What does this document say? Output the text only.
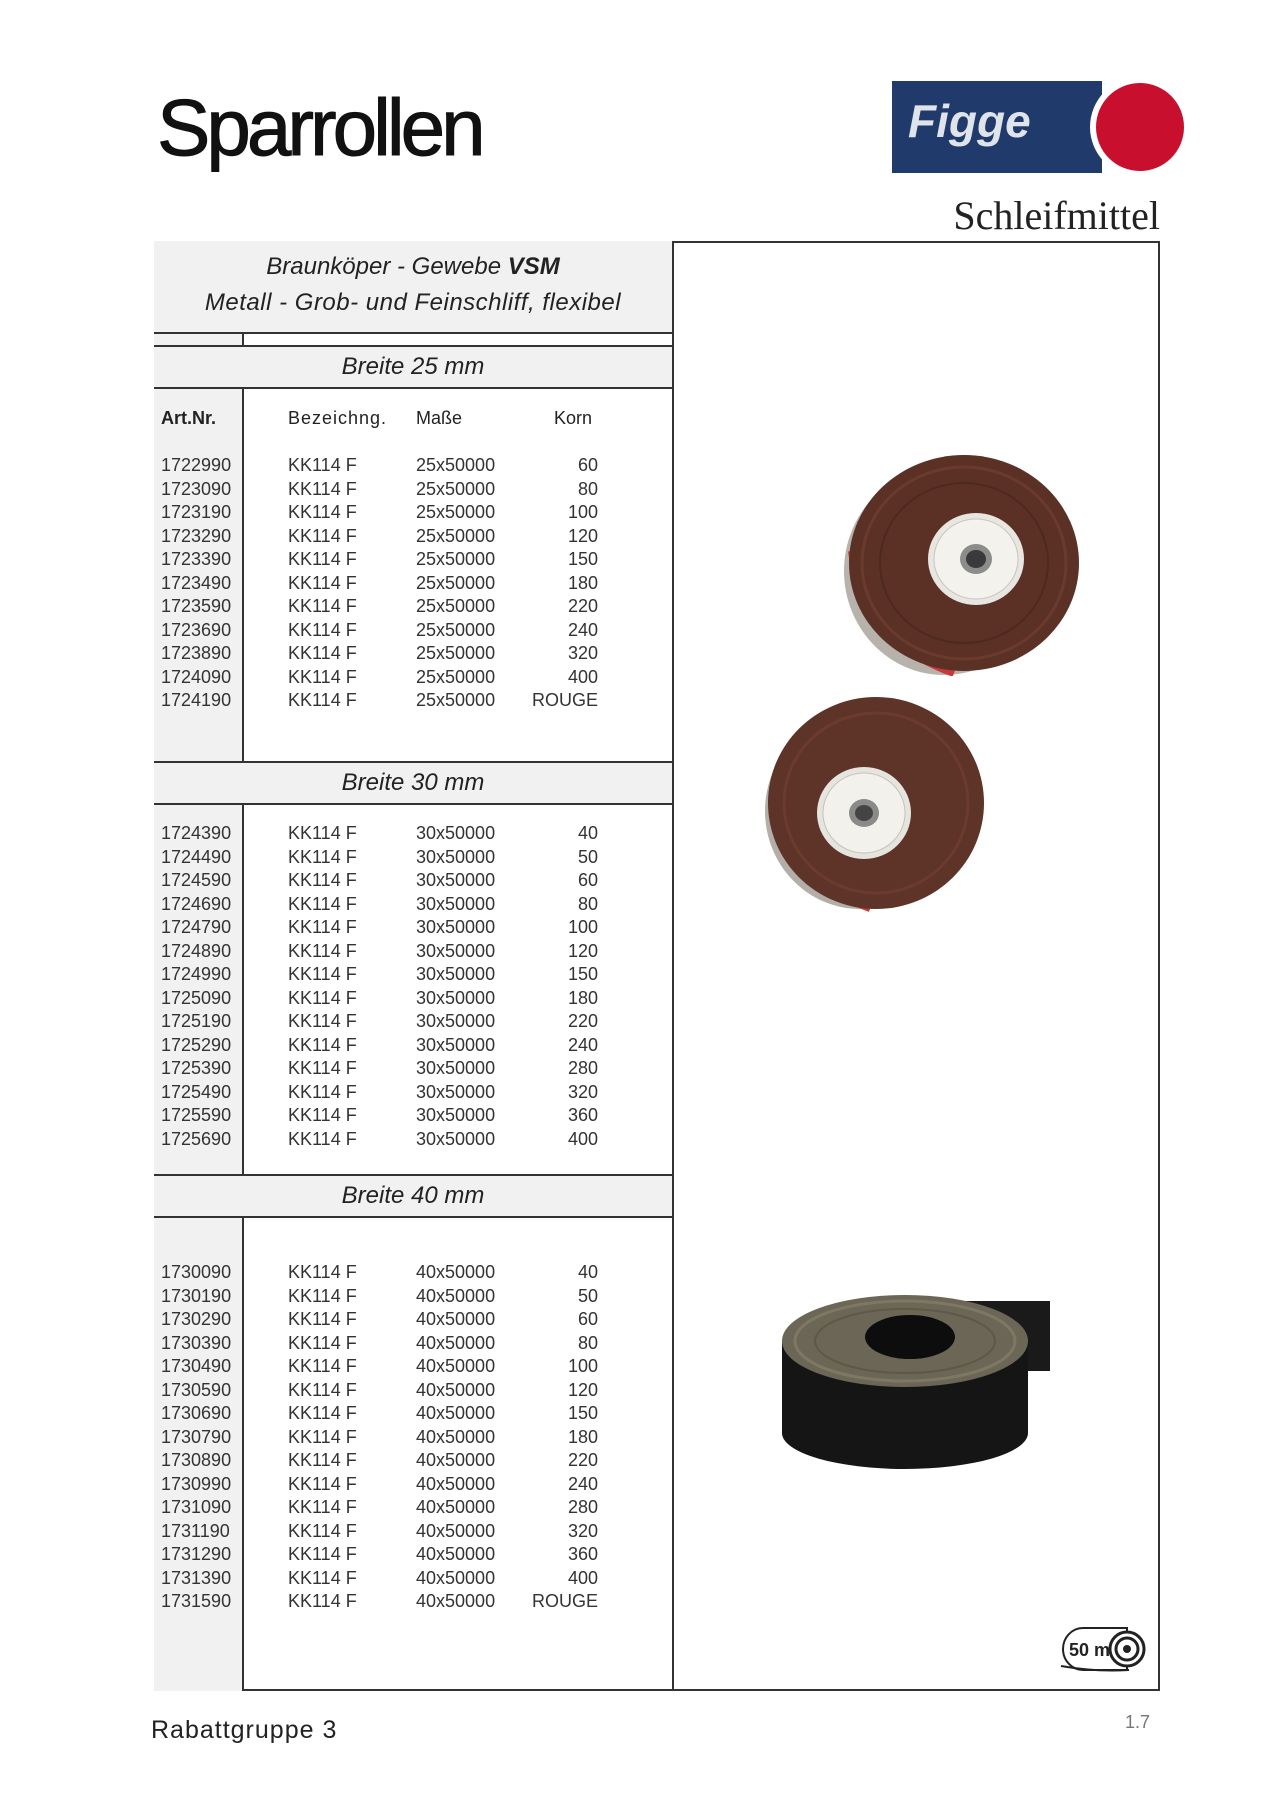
Sparrollen	Figge
Schleifmittel
Braunköper - Gewebe VSM
Metall - Grob- und Feinschliff, flexibel
Breite 25 mm
Art.Nr.	Bezeichng. Maße	Korn
1722990	KK114 F	25x50000	60
1723090	KK114 F	25x50000	80
1723190	KK114 F	25x50000	100
1723290	KK114 F	25x50000	120
1723390	KK114 F	25x50000	150
1723490	KK114 F	25x50000	180
1723590	KK114 F	25x50000	220
1723690	KK114 F	25x50000	240
1723890	KK114 F	25x50000	320
1724090	KK114 F	25x50000	400
1724190	KK114 F	25x50000	ROUGE
Breite 30 mm
1724390	KK114 F	30x50000	40
1724490	KK114 F	30x50000	50
1724590	KK114 F	30x50000	60
1724690	KK114 F	30x50000	80
1724790	KK114 F	30x50000	100
1724890	KK114 F	30x50000	120
1724990	KK114 F	30x50000	150
1725090	KK114 F	30x50000	180
1725190	KK114 F	30x50000	220
1725290	KK114 F	30x50000	240
1725390	KK114 F	30x50000	280
1725490	KK114 F	30x50000	320
1725590	KK114 F	30x50000	360
1725690	KK114 F	30x50000	400
Breite 40 mm
1730090	KK114 F	40x50000	40
1730190	KK114 F	40x50000	50
1730290	KK114 F	40x50000	60
1730390	KK114 F	40x50000	80
1730490	KK114 F	40x50000	100
1730590	KK114 F	40x50000	120
1730690	KK114 F	40x50000	150
1730790	KK114 F	40x50000	180
1730890	KK114 F	40x50000	220
1730990	KK114 F	40x50000	240
1731090	KK114 F	40x50000	280
1731190	KK114 F	40x50000	320
1731290	KK114 F	40x50000	360
1731390	KK114 F	40x50000	400
1731590	KK114 F	40x50000	ROUGE
50 m
Rabattgruppe 3	1.7
